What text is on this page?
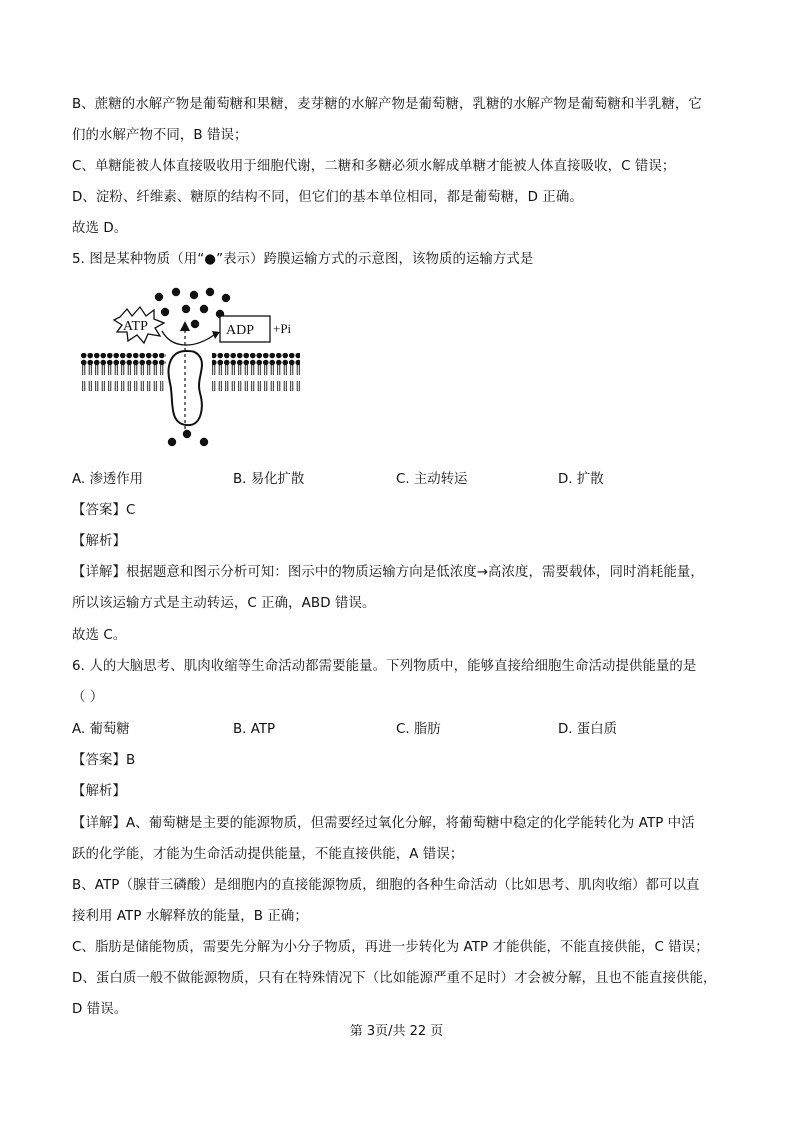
B、蔗糖的水解产物是葡萄糖和果糖，麦芽糖的水解产物是葡萄糖，乳糖的水解产物是葡萄糖和半乳糖，它
们的水解产物不同，B 错误；
C、单糖能被人体直接吸收用于细胞代谢，二糖和多糖必须水解成单糖才能被人体直接吸收，C 错误；
D、淀粉、纤维素、糖原的结构不同，但它们的基本单位相同，都是葡萄糖，D 正确。
故选 D。
5. 图是某种物质（用“●”表示）跨膜运输方式的示意图，该物质的运输方式是
ATP	ADP +Pi
A. 渗透作用	B. 易化扩散	C. 主动转运	D. 扩散
【答案】C
【解析】
【详解】根据题意和图示分析可知：图示中的物质运输方向是低浓度→高浓度，需要载体，同时消耗能量，
所以该运输方式是主动转运，C 正确，ABD 错误。
故选 C。
6. 人的大脑思考、肌肉收缩等生命活动都需要能量。下列物质中，能够直接给细胞生命活动提供能量的是
（ ）
A. 葡萄糖	B. ATP	C. 脂肪	D. 蛋白质
【答案】B
【解析】
【详解】A、葡萄糖是主要的能源物质，但需要经过氧化分解，将葡萄糖中稳定的化学能转化为 ATP 中活
跃的化学能，才能为生命活动提供能量，不能直接供能，A 错误；
B、ATP（腺苷三磷酸）是细胞内的直接能源物质，细胞的各种生命活动（比如思考、肌肉收缩）都可以直
接利用 ATP 水解释放的能量，B 正确；
C、脂肪是储能物质，需要先分解为小分子物质，再进一步转化为 ATP 才能供能，不能直接供能，C 错误；
D、蛋白质一般不做能源物质，只有在特殊情况下（比如能源严重不足时）才会被分解，且也不能直接供能，
D 错误。
第 3页/共 22 页
